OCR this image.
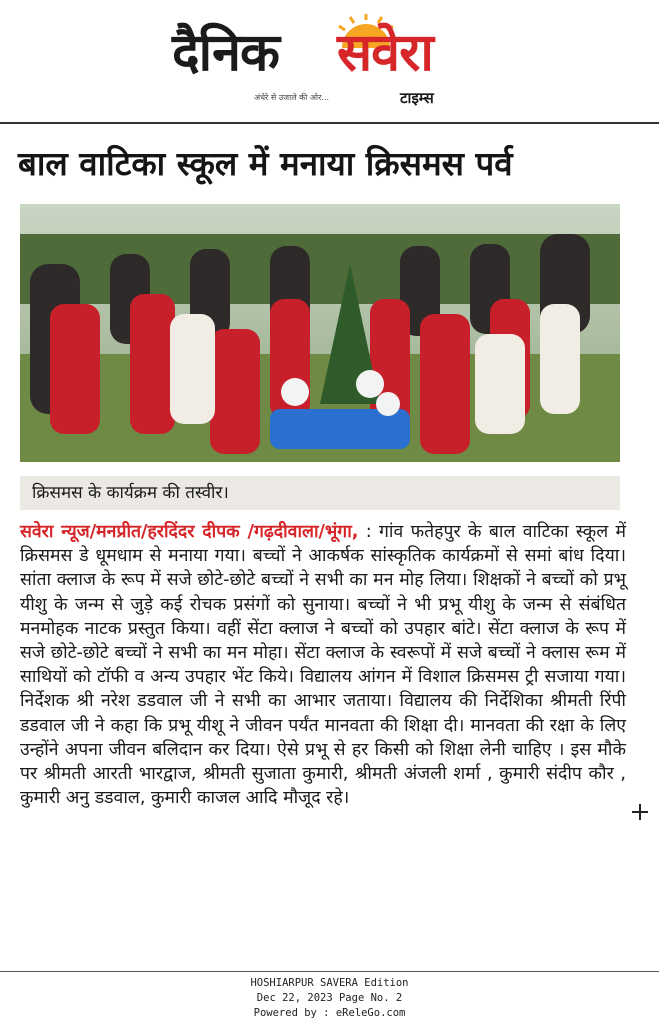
दैनिक सवेरा
अंधेरे से उजाले की ओर...	टाइम्स
बाल वाटिका स्कूल में मनाया क्रिसमस पर्व
क्रिसमस के कार्यक्रम की तस्वीर।
सवेरा न्यूज/मनप्रीत/हरदिंदर दीपक /गढ़दीवाला/भूंगा, : गांव फतेहपुर के बाल वाटिका स्कूल में क्रिसमस डे धूमधाम से मनाया गया। बच्चों ने आकर्षक सांस्कृतिक कार्यक्रमों से समां बांध दिया। सांता क्लाज के रूप में सजे छोटे-छोटे बच्चों ने सभी का मन मोह लिया। शिक्षकों ने बच्चों को प्रभू यीशु के जन्म से जुड़े कई रोचक प्रसंगों को सुनाया। बच्चों ने भी प्रभू यीशु के जन्म से संबंधित मनमोहक नाटक प्रस्तुत किया। वहीं सेंटा क्लाज ने बच्चों को उपहार बांटे। सेंटा क्लाज के रूप में सजे छोटे-छोटे बच्चों ने सभी का मन मोहा। सेंटा क्लाज के स्वरूपों में सजे बच्चों ने क्लास रूम में साथियों को टॉफी व अन्य उपहार भेंट किये। विद्यालय आंगन में विशाल क्रिसमस ट्री सजाया गया। निर्देशक श्री नरेश डडवाल जी ने सभी का आभार जताया। विद्यालय की निर्देशिका श्रीमती रिंपी डडवाल जी ने कहा कि प्रभू यीशू ने जीवन पर्यंत मानवता की शिक्षा दी। मानवता की रक्षा के लिए उन्होंने अपना जीवन बलिदान कर दिया। ऐसे प्रभू से हर किसी को शिक्षा लेनी चाहिए । इस मौके पर श्रीमती आरती भारद्वाज, श्रीमती सुजाता कुमारी, श्रीमती अंजली शर्मा , कुमारी संदीप कौर , कुमारी अनु डडवाल, कुमारी काजल आदि मौजूद रहे।
HOSHIARPUR SAVERA Edition
Dec 22, 2023 Page No. 2
Powered by : eReleGo.com
